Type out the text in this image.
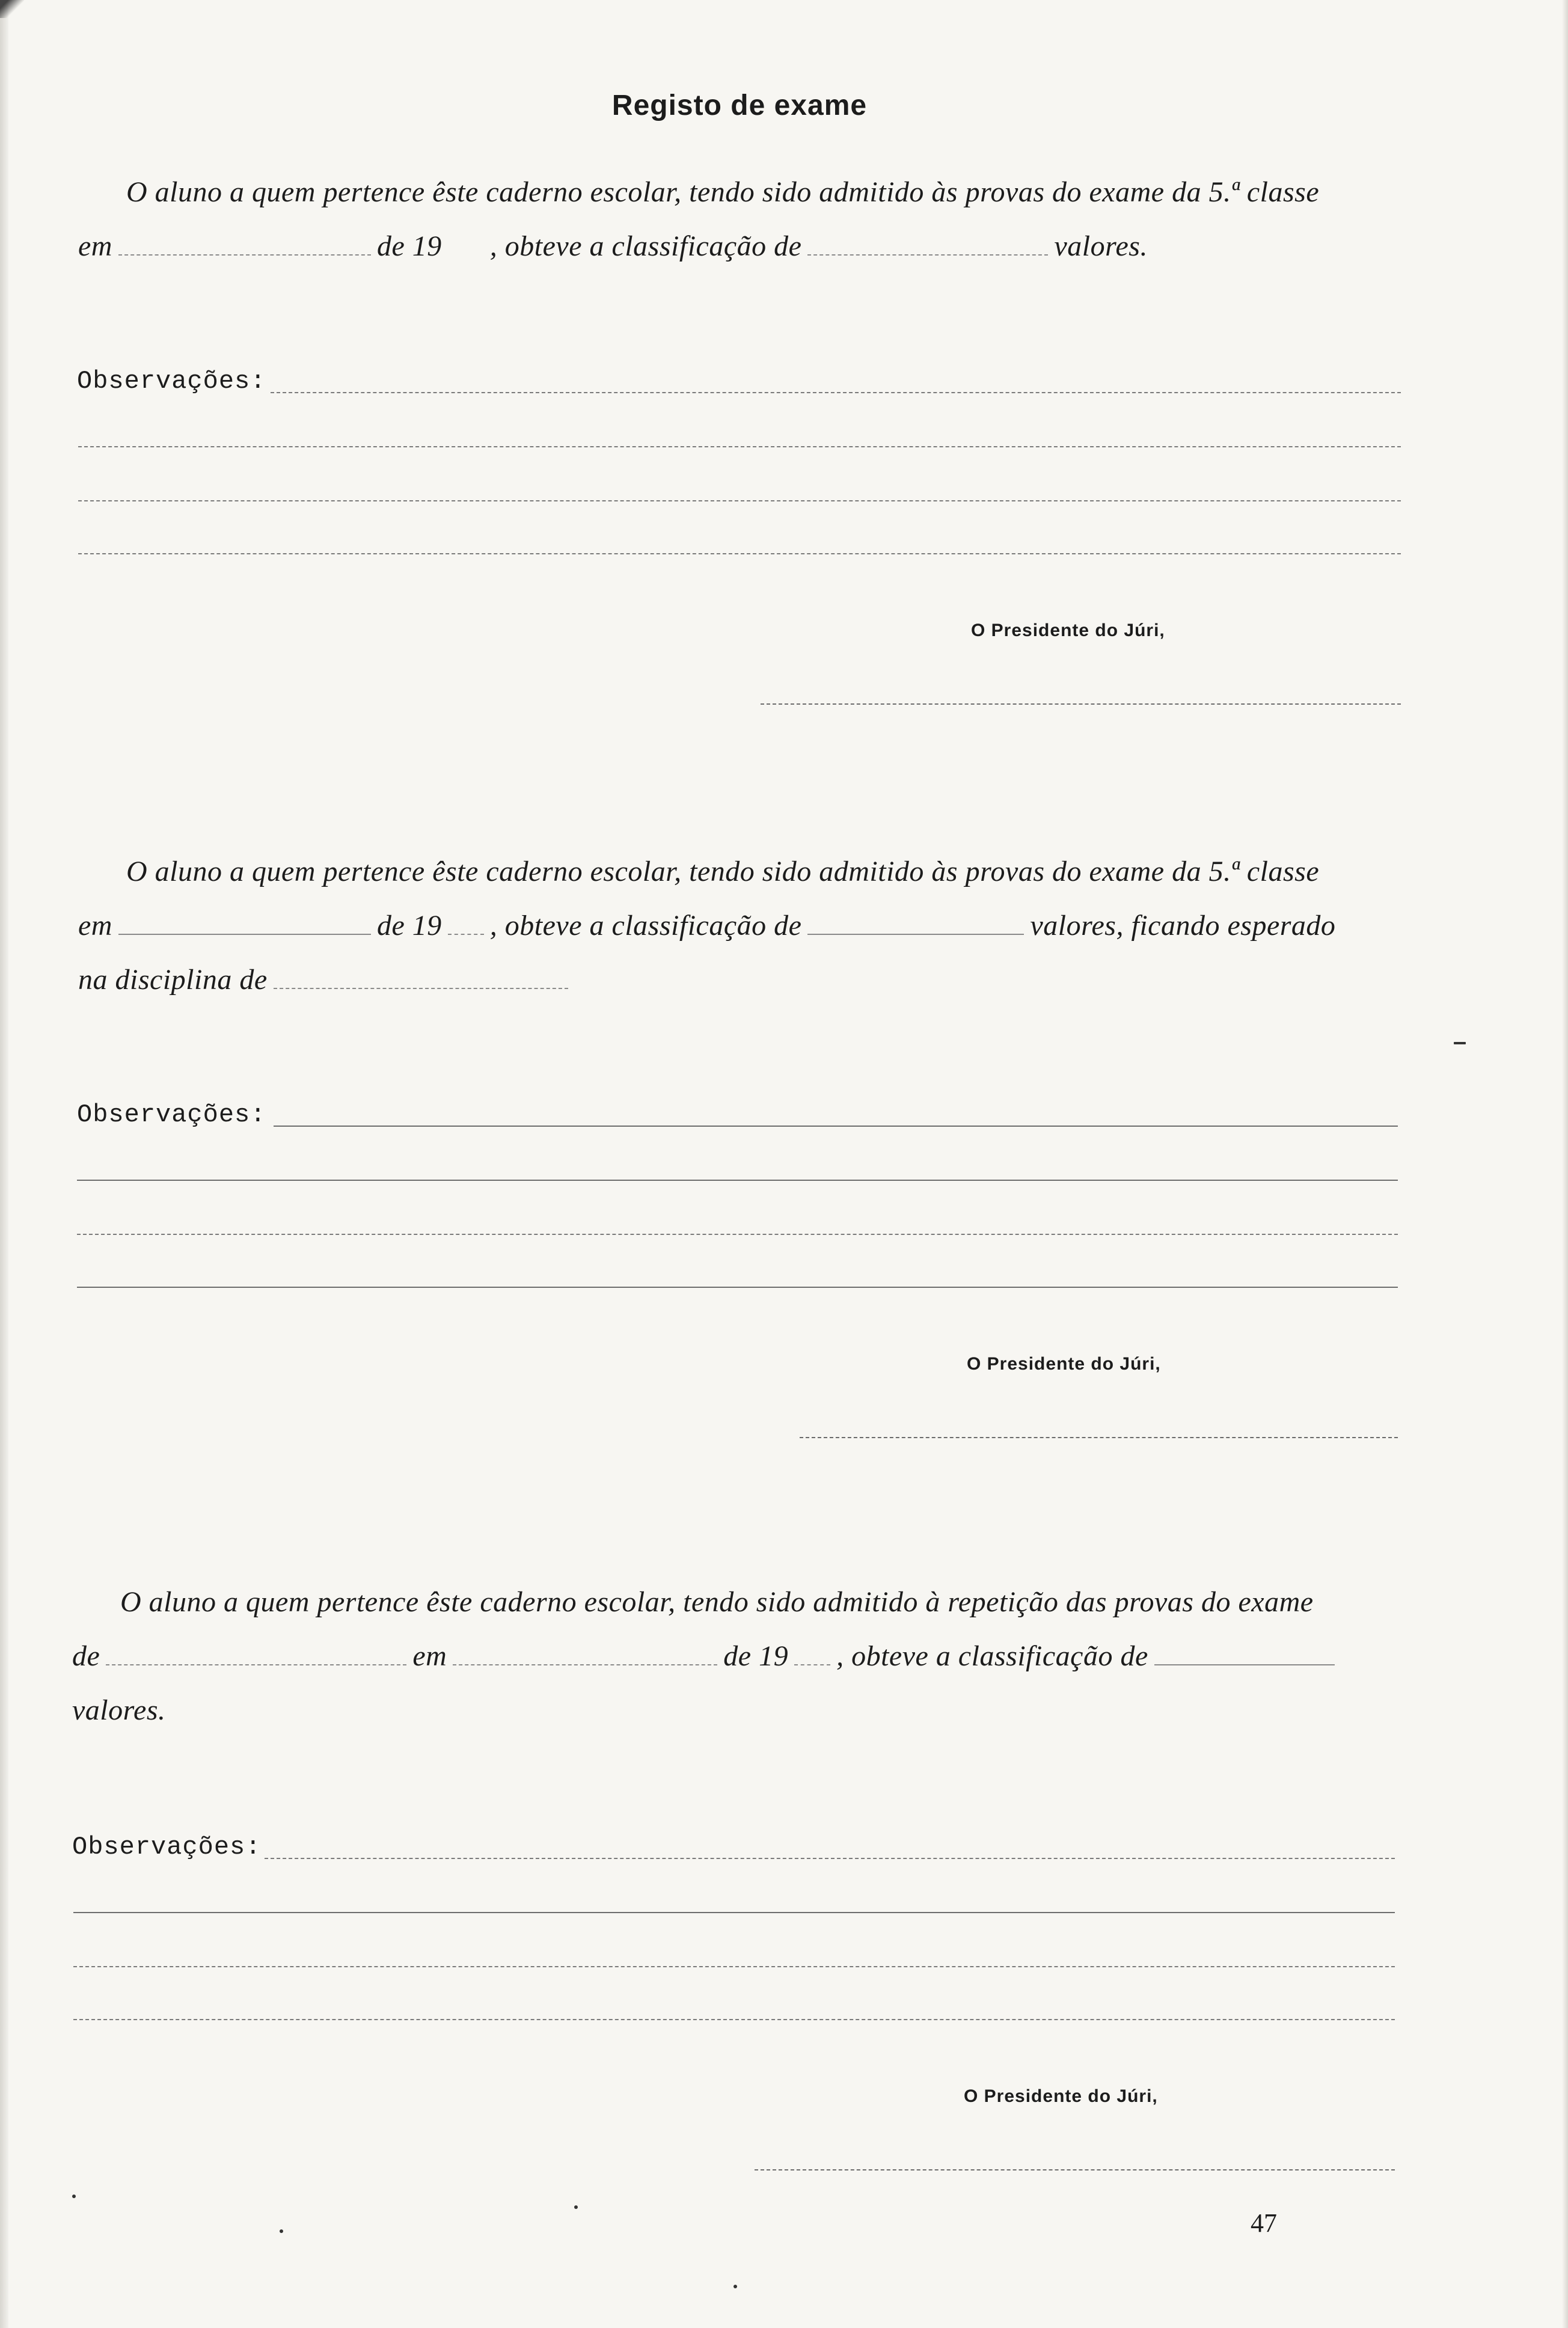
Registo de exame
O aluno a quem pertence êste caderno escolar, tendo sido admitido às provas do exame da 5.ª classe
em	de 19 , obteve a classificação de	valores.
Observações:
O Presidente do Júri,
O aluno a quem pertence êste caderno escolar, tendo sido admitido às provas do exame da 5.ª classe
em	de 19 , obteve a classificação de	valores, ficando esperado
na disciplina de
Observações:
O Presidente do Júri,
O aluno a quem pertence êste caderno escolar, tendo sido admitido à repetição das provas do exame
de	em	de 19 , obteve a classificação de
valores.
Observações:
O Presidente do Júri,
47
